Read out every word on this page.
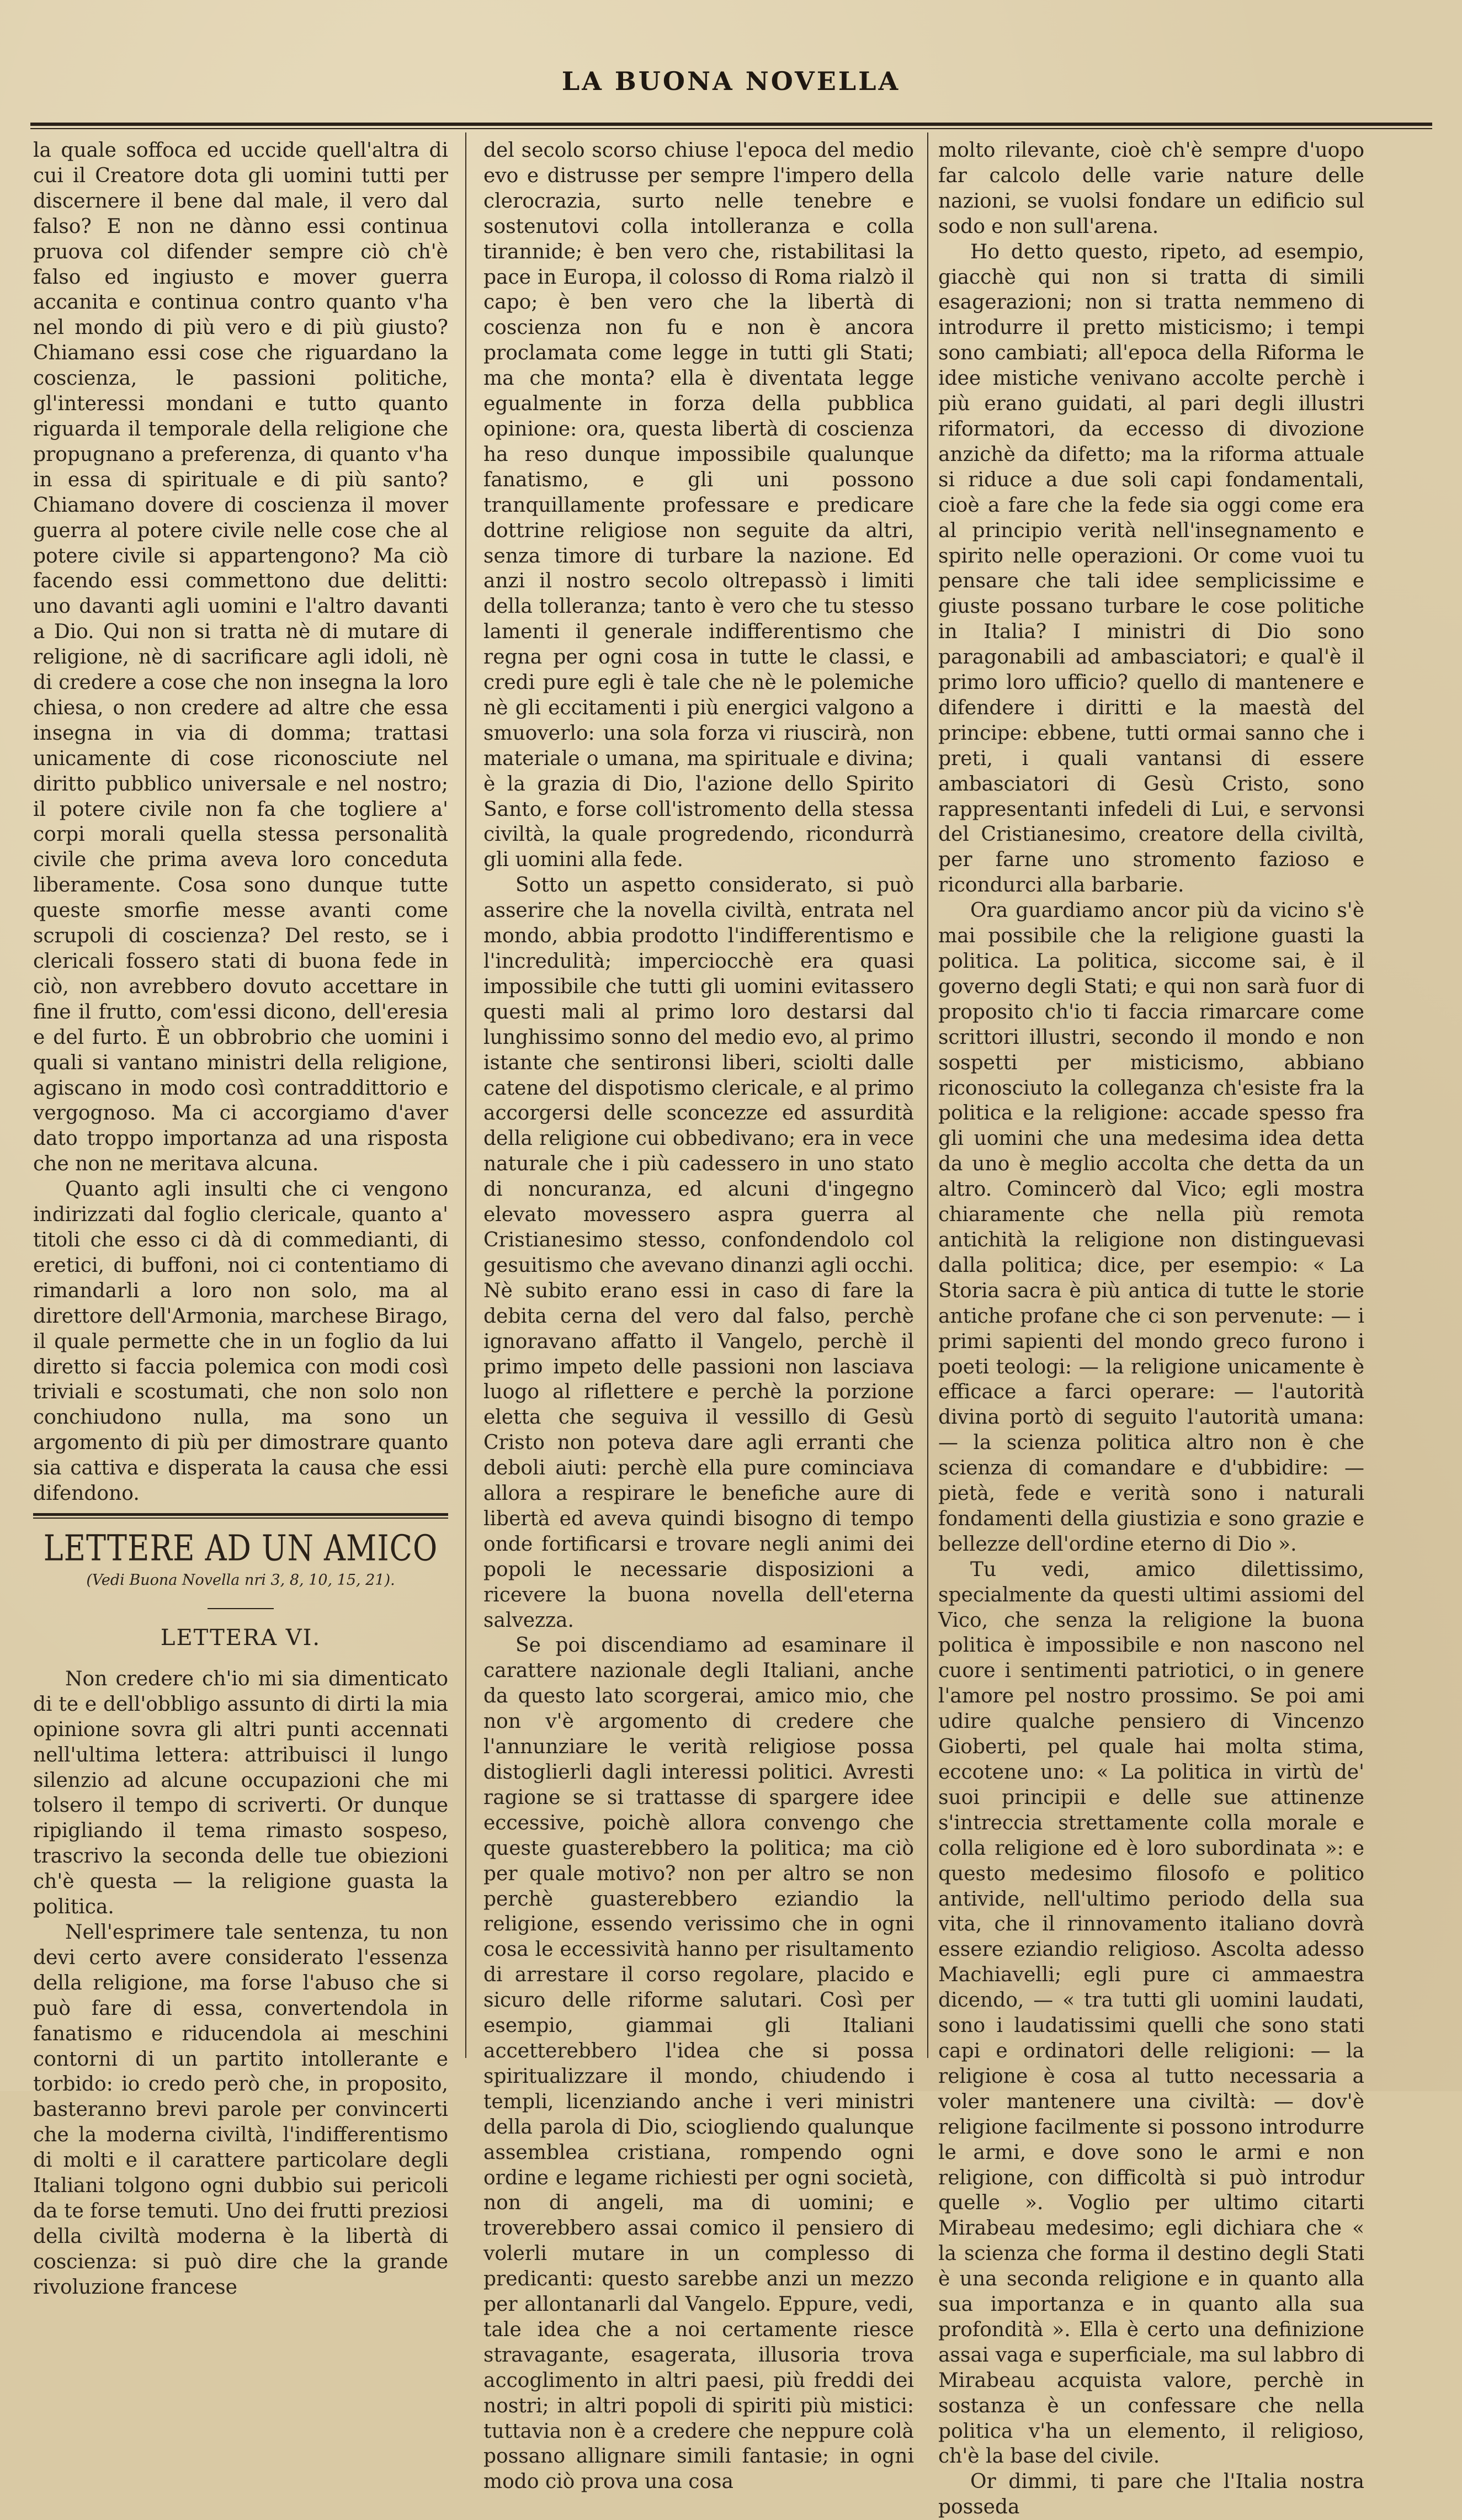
LA BUONA NOVELLA

la quale soffoca ed uccide quell'altra di cui il Creatore dota gli uomini tutti per discernere il bene dal male, il vero dal falso? E non ne dànno essi continua pruova col difender sempre ciò ch'è falso ed ingiusto e mover guerra accanita e continua contro quanto v'ha nel mondo di più vero e di più giusto? Chiamano essi cose che riguardano la coscienza, le passioni politiche, gl'interessi mondani e tutto quanto riguarda il temporale della religione che propugnano a preferenza, di quanto v'ha in essa di spirituale e di più santo? Chiamano dovere di coscienza il mover guerra al potere civile nelle cose che al potere civile si appartengono? Ma ciò facendo essi commettono due delitti: uno davanti agli uomini e l'altro davanti a Dio. Qui non si tratta nè di mutare di religione, nè di sacrificare agli idoli, nè di credere a cose che non insegna la loro chiesa, o non credere ad altre che essa insegna in via di domma; trattasi unicamente di cose riconosciute nel diritto pubblico universale e nel nostro; il potere civile non fa che togliere a' corpi morali quella stessa personalità civile che prima aveva loro conceduta liberamente. Cosa sono dunque tutte queste smorfie messe avanti come scrupoli di coscienza? Del resto, se i clericali fossero stati di buona fede in ciò, non avrebbero dovuto accettare in fine il frutto, com'essi dicono, dell'eresia e del furto. È un obbrobrio che uomini i quali si vantano ministri della religione, agiscano in modo così contraddittorio e vergognoso. Ma ci accorgiamo d'aver dato troppo importanza ad una risposta che non ne meritava alcuna.

Quanto agli insulti che ci vengono indirizzati dal foglio clericale, quanto a' titoli che esso ci dà di commedianti, di eretici, di buffoni, noi ci contentiamo di rimandarli a loro non solo, ma al direttore dell'Armonia, marchese Birago, il quale permette che in un foglio da lui diretto si faccia polemica con modi così triviali e scostumati, che non solo non conchiudono nulla, ma sono un argomento di più per dimostrare quanto sia cattiva e disperata la causa che essi difendono.

LETTERE AD UN AMICO
(Vedi Buona Novella nri 3, 8, 10, 15, 21).
LETTERA VI.

Non credere ch'io mi sia dimenticato di te e dell'obbligo assunto di dirti la mia opinione sovra gli altri punti accennati nell'ultima lettera: attribuisci il lungo silenzio ad alcune occupazioni che mi tolsero il tempo di scriverti. Or dunque ripigliando il tema rimasto sospeso, trascrivo la seconda delle tue obiezioni ch'è questa — la religione guasta la politica.

Nell'esprimere tale sentenza, tu non devi certo avere considerato l'essenza della religione, ma forse l'abuso che si può fare di essa, convertendola in fanatismo e riducendola ai meschini contorni di un partito intollerante e torbido: io credo però che, in proposito, basteranno brevi parole per convincerti che la moderna civiltà, l'indifferentismo di molti e il carattere particolare degli Italiani tolgono ogni dubbio sui pericoli da te forse temuti. Uno dei frutti preziosi della civiltà moderna è la libertà di coscienza: si può dire che la grande rivoluzione francese

del secolo scorso chiuse l'epoca del medio evo e distrusse per sempre l'impero della clerocrazia, surto nelle tenebre e sostenutovi colla intolleranza e colla tirannide; è ben vero che, ristabilitasi la pace in Europa, il colosso di Roma rialzò il capo; è ben vero che la libertà di coscienza non fu e non è ancora proclamata come legge in tutti gli Stati; ma che monta? ella è diventata legge egualmente in forza della pubblica opinione: ora, questa libertà di coscienza ha reso dunque impossibile qualunque fanatismo, e gli uni possono tranquillamente professare e predicare dottrine religiose non seguite da altri, senza timore di turbare la nazione. Ed anzi il nostro secolo oltrepassò i limiti della tolleranza; tanto è vero che tu stesso lamenti il generale indifferentismo che regna per ogni cosa in tutte le classi, e credi pure egli è tale che nè le polemiche nè gli eccitamenti i più energici valgono a smuoverlo: una sola forza vi riuscirà, non materiale o umana, ma spirituale e divina; è la grazia di Dio, l'azione dello Spirito Santo, e forse coll'istromento della stessa civiltà, la quale progredendo, ricondurrà gli uomini alla fede.

Sotto un aspetto considerato, si può asserire che la novella civiltà, entrata nel mondo, abbia prodotto l'indifferentismo e l'incredulità; imperciocchè era quasi impossibile che tutti gli uomini evitassero questi mali al primo loro destarsi dal lunghissimo sonno del medio evo, al primo istante che sentironsi liberi, sciolti dalle catene del dispotismo clericale, e al primo accorgersi delle sconcezze ed assurdità della religione cui obbedivano; era in vece naturale che i più cadessero in uno stato di noncuranza, ed alcuni d'ingegno elevato movessero aspra guerra al Cristianesimo stesso, confondendolo col gesuitismo che avevano dinanzi agli occhi. Nè subito erano essi in caso di fare la debita cerna del vero dal falso, perchè ignoravano affatto il Vangelo, perchè il primo impeto delle passioni non lasciava luogo al riflettere e perchè la porzione eletta che seguiva il vessillo di Gesù Cristo non poteva dare agli erranti che deboli aiuti: perchè ella pure cominciava allora a respirare le benefiche aure di libertà ed aveva quindi bisogno di tempo onde fortificarsi e trovare negli animi dei popoli le necessarie disposizioni a ricevere la buona novella dell'eterna salvezza.

Se poi discendiamo ad esaminare il carattere nazionale degli Italiani, anche da questo lato scorgerai, amico mio, che non v'è argomento di credere che l'annunziare le verità religiose possa distoglierli dagli interessi politici. Avresti ragione se si trattasse di spargere idee eccessive, poichè allora convengo che queste guasterebbero la politica; ma ciò per quale motivo? non per altro se non perchè guasterebbero eziandio la religione, essendo verissimo che in ogni cosa le eccessività hanno per risultamento di arrestare il corso regolare, placido e sicuro delle riforme salutari. Così per esempio, giammai gli Italiani accetterebbero l'idea che si possa spiritualizzare il mondo, chiudendo i templi, licenziando anche i veri ministri della parola di Dio, sciogliendo qualunque assemblea cristiana, rompendo ogni ordine e legame richiesti per ogni società, non di angeli, ma di uomini; e troverebbero assai comico il pensiero di volerli mutare in un complesso di predicanti: questo sarebbe anzi un mezzo per allontanarli dal Vangelo. Eppure, vedi, tale idea che a noi certamente riesce stravagante, esagerata, illusoria trova accoglimento in altri paesi, più freddi dei nostri; in altri popoli di spiriti più mistici: tuttavia non è a credere che neppure colà possano allignare simili fantasie; in ogni modo ciò prova una cosa

molto rilevante, cioè ch'è sempre d'uopo far calcolo delle varie nature delle nazioni, se vuolsi fondare un edificio sul sodo e non sull'arena.

Ho detto questo, ripeto, ad esempio, giacchè qui non si tratta di simili esagerazioni; non si tratta nemmeno di introdurre il pretto misticismo; i tempi sono cambiati; all'epoca della Riforma le idee mistiche venivano accolte perchè i più erano guidati, al pari degli illustri riformatori, da eccesso di divozione anzichè da difetto; ma la riforma attuale si riduce a due soli capi fondamentali, cioè a fare che la fede sia oggi come era al principio verità nell'insegnamento e spirito nelle operazioni. Or come vuoi tu pensare che tali idee semplicissime e giuste possano turbare le cose politiche in Italia? I ministri di Dio sono paragonabili ad ambasciatori; e qual'è il primo loro ufficio? quello di mantenere e difendere i diritti e la maestà del principe: ebbene, tutti ormai sanno che i preti, i quali vantansi di essere ambasciatori di Gesù Cristo, sono rappresentanti infedeli di Lui, e servonsi del Cristianesimo, creatore della civiltà, per farne uno stromento fazioso e ricondurci alla barbarie.

Ora guardiamo ancor più da vicino s'è mai possibile che la religione guasti la politica. La politica, siccome sai, è il governo degli Stati; e qui non sarà fuor di proposito ch'io ti faccia rimarcare come scrittori illustri, secondo il mondo e non sospetti per misticismo, abbiano riconosciuto la colleganza ch'esiste fra la politica e la religione: accade spesso fra gli uomini che una medesima idea detta da uno è meglio accolta che detta da un altro. Comincerò dal Vico; egli mostra chiaramente che nella più remota antichità la religione non distinguevasi dalla politica; dice, per esempio: « La Storia sacra è più antica di tutte le storie antiche profane che ci son pervenute: — i primi sapienti del mondo greco furono i poeti teologi: — la religione unicamente è efficace a farci operare: — l'autorità divina portò di seguito l'autorità umana: — la scienza politica altro non è che scienza di comandare e d'ubbidire: — pietà, fede e verità sono i naturali fondamenti della giustizia e sono grazie e bellezze dell'ordine eterno di Dio ».

Tu vedi, amico dilettissimo, specialmente da questi ultimi assiomi del Vico, che senza la religione la buona politica è impossibile e non nascono nel cuore i sentimenti patriotici, o in genere l'amore pel nostro prossimo. Se poi ami udire qualche pensiero di Vincenzo Gioberti, pel quale hai molta stima, eccotene uno: « La politica in virtù de' suoi principii e delle sue attinenze s'intreccia strettamente colla morale e colla religione ed è loro subordinata »: e questo medesimo filosofo e politico antivide, nell'ultimo periodo della sua vita, che il rinnovamento italiano dovrà essere eziandio religioso. Ascolta adesso Machiavelli; egli pure ci ammaestra dicendo, — « tra tutti gli uomini laudati, sono i laudatissimi quelli che sono stati capi e ordinatori delle religioni: — la religione è cosa al tutto necessaria a voler mantenere una civiltà: — dov'è religione facilmente si possono introdurre le armi, e dove sono le armi e non religione, con difficoltà si può introdur quelle ». Voglio per ultimo citarti Mirabeau medesimo; egli dichiara che « la scienza che forma il destino degli Stati è una seconda religione e in quanto alla sua importanza e in quanto alla sua profondità ». Ella è certo una definizione assai vaga e superficiale, ma sul labbro di Mirabeau acquista valore, perchè in sostanza è un confessare che nella politica v'ha un elemento, il religioso, ch'è la base del civile.

Or dimmi, ti pare che l'Italia nostra posseda
